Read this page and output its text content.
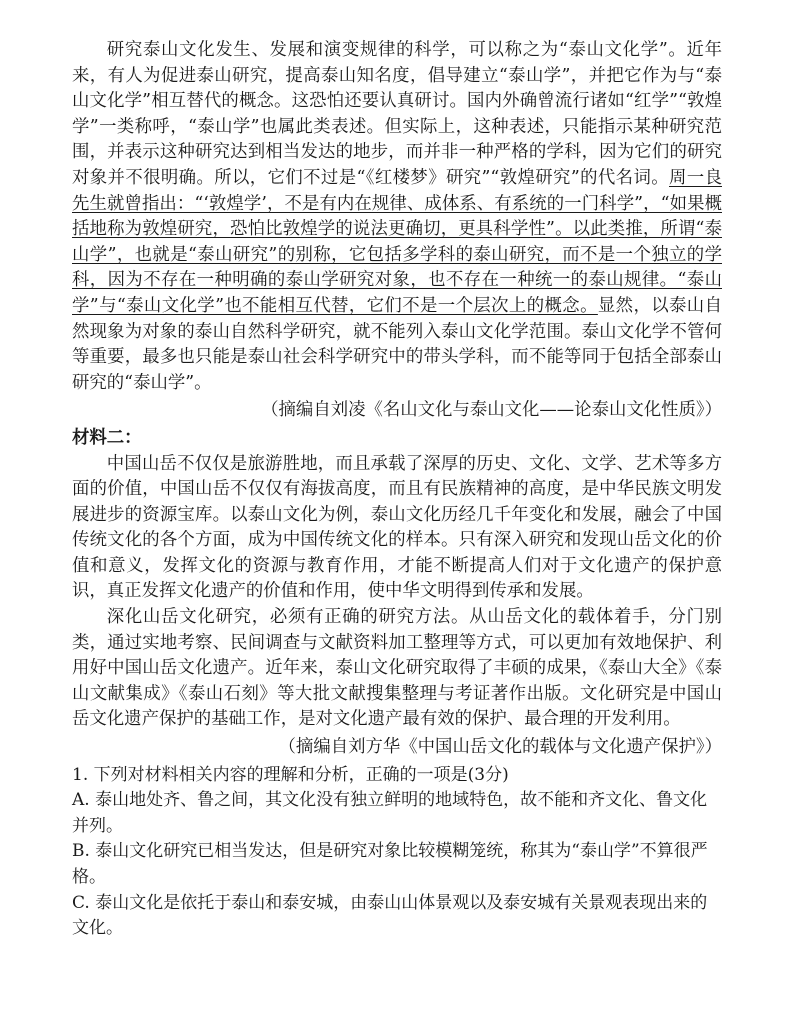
研究泰山文化发生、发展和演变规律的科学，可以称之为“泰山文化学”。近年来，有人为促进泰山研究，提高泰山知名度，倡导建立“泰山学”，并把它作为与“泰山文化学”相互替代的概念。这恐怕还要认真研讨。国内外确曾流行诸如“红学”“敦煌学”一类称呼，“泰山学”也属此类表述。但实际上，这种表述，只能指示某种研究范围，并表示这种研究达到相当发达的地步，而并非一种严格的学科，因为它们的研究对象并不很明确。所以，它们不过是“《红楼梦》研究”“敦煌研究”的代名词。周一良先生就曾指出：“‘敦煌学’，不是有内在规律、成体系、有系统的一门科学”，“如果概括地称为敦煌研究，恐怕比敦煌学的说法更确切，更具科学性”。以此类推，所谓“泰山学”，也就是“泰山研究”的别称，它包括多学科的泰山研究，而不是一个独立的学科，因为不存在一种明确的泰山学研究对象，也不存在一种统一的泰山规律。“泰山学”与“泰山文化学”也不能相互代替，它们不是一个层次上的概念。显然，以泰山自然现象为对象的泰山自然科学研究，就不能列入泰山文化学范围。泰山文化学不管何等重要，最多也只能是泰山社会科学研究中的带头学科，而不能等同于包括全部泰山研究的“泰山学”。

（摘编自刘凌《名山文化与泰山文化——论泰山文化性质》）

材料二：

中国山岳不仅仅是旅游胜地，而且承载了深厚的历史、文化、文学、艺术等多方面的价值，中国山岳不仅仅有海拔高度，而且有民族精神的高度，是中华民族文明发展进步的资源宝库。以泰山文化为例，泰山文化历经几千年变化和发展，融会了中国传统文化的各个方面，成为中国传统文化的样本。只有深入研究和发现山岳文化的价值和意义，发挥文化的资源与教育作用，才能不断提高人们对于文化遗产的保护意识，真正发挥文化遗产的价值和作用，使中华文明得到传承和发展。

深化山岳文化研究，必须有正确的研究方法。从山岳文化的载体着手，分门别类，通过实地考察、民间调查与文献资料加工整理等方式，可以更加有效地保护、利用好中国山岳文化遗产。近年来，泰山文化研究取得了丰硕的成果，《泰山大全》《泰山文献集成》《泰山石刻》等大批文献搜集整理与考证著作出版。文化研究是中国山岳文化遗产保护的基础工作，是对文化遗产最有效的保护、最合理的开发利用。

（摘编自刘方华《中国山岳文化的载体与文化遗产保护》）

1. 下列对材料相关内容的理解和分析，正确的一项是(3分)

A. 泰山地处齐、鲁之间，其文化没有独立鲜明的地域特色，故不能和齐文化、鲁文化并列。

B. 泰山文化研究已相当发达，但是研究对象比较模糊笼统，称其为“泰山学”不算很严格。

C. 泰山文化是依托于泰山和泰安城，由泰山山体景观以及泰安城有关景观表现出来的文化。
